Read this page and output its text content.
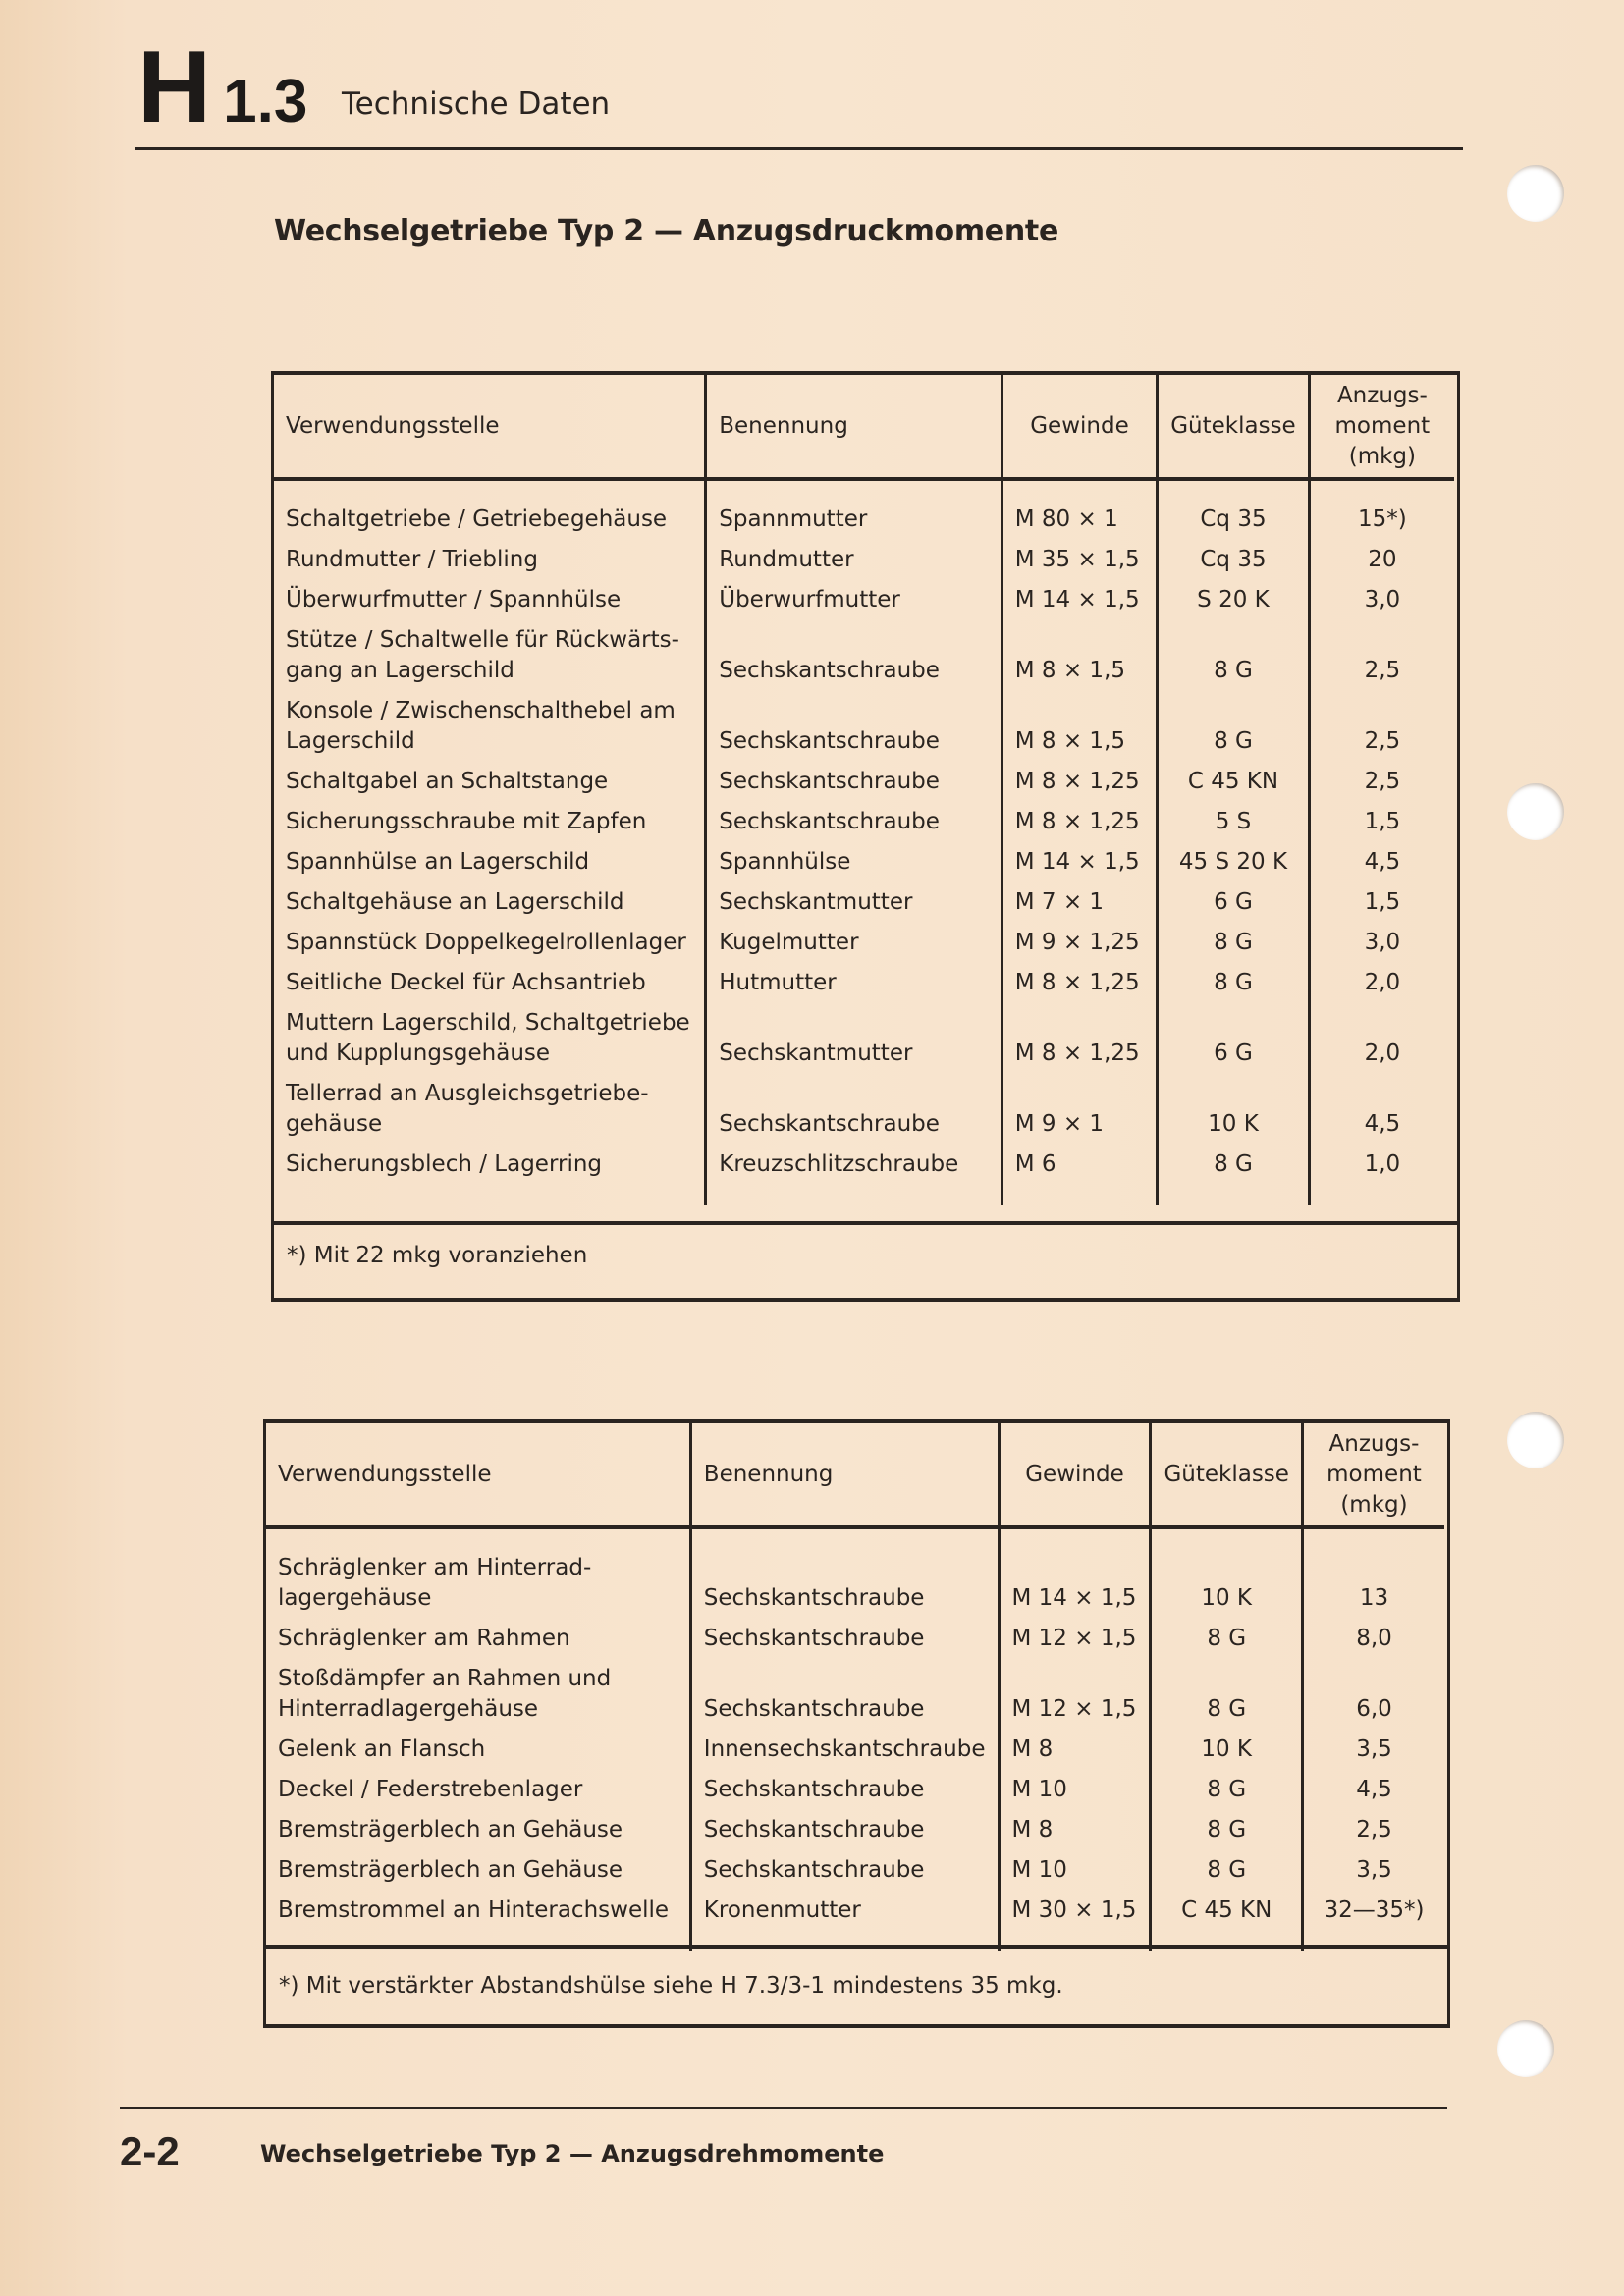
H 1.3 Technische Daten
Wechselgetriebe Typ 2 — Anzugsdruckmomente
Verwendungsstelle	Benennung	Gewinde	Güteklasse	Anzugs-
moment
(mkg)
Schaltgetriebe / Getriebegehäuse	Spannmutter	M 80 × 1	Cq 35	15*)
Rundmutter / Triebling	Rundmutter	M 35 × 1,5	Cq 35	20
Überwurfmutter / Spannhülse	Überwurfmutter	M 14 × 1,5	S 20 K	3,0
Stütze / Schaltwelle für Rückwärts-
gang an Lagerschild	Sechskantschraube	M 8 × 1,5	8 G	2,5
Konsole / Zwischenschalthebel am
Lagerschild	Sechskantschraube	M 8 × 1,5	8 G	2,5
Schaltgabel an Schaltstange	Sechskantschraube	M 8 × 1,25	C 45 KN	2,5
Sicherungsschraube mit Zapfen	Sechskantschraube	M 8 × 1,25	5 S	1,5
Spannhülse an Lagerschild	Spannhülse	M 14 × 1,5	45 S 20 K	4,5
Schaltgehäuse an Lagerschild	Sechskantmutter	M 7 × 1	6 G	1,5
Spannstück Doppelkegelrollenlager	Kugelmutter	M 9 × 1,25	8 G	3,0
Seitliche Deckel für Achsantrieb	Hutmutter	M 8 × 1,25	8 G	2,0
Muttern Lagerschild, Schaltgetriebe
und Kupplungsgehäuse	Sechskantmutter	M 8 × 1,25	6 G	2,0
Tellerrad an Ausgleichsgetriebe-
gehäuse	Sechskantschraube	M 9 × 1	10 K	4,5
Sicherungsblech / Lagerring	Kreuzschlitzschraube	M 6	8 G	1,0
*) Mit 22 mkg voranziehen
Verwendungsstelle	Benennung	Gewinde	Güteklasse	Anzugs-
moment
(mkg)
Schräglenker am Hinterrad-
lagergehäuse	Sechskantschraube	M 14 × 1,5	10 K	13
Schräglenker am Rahmen	Sechskantschraube	M 12 × 1,5	8 G	8,0
Stoßdämpfer an Rahmen und
Hinterradlagergehäuse	Sechskantschraube	M 12 × 1,5	8 G	6,0
Gelenk an Flansch	Innensechskantschraube	M 8	10 K	3,5
Deckel / Federstrebenlager	Sechskantschraube	M 10	8 G	4,5
Bremsträgerblech an Gehäuse	Sechskantschraube	M 8	8 G	2,5
Bremsträgerblech an Gehäuse	Sechskantschraube	M 10	8 G	3,5
Bremstrommel an Hinterachswelle	Kronenmutter	M 30 × 1,5	C 45 KN	32—35*)
*) Mit verstärkter Abstandshülse siehe H 7.3/3-1 mindestens 35 mkg.
2-2	Wechselgetriebe Typ 2 — Anzugsdrehmomente
